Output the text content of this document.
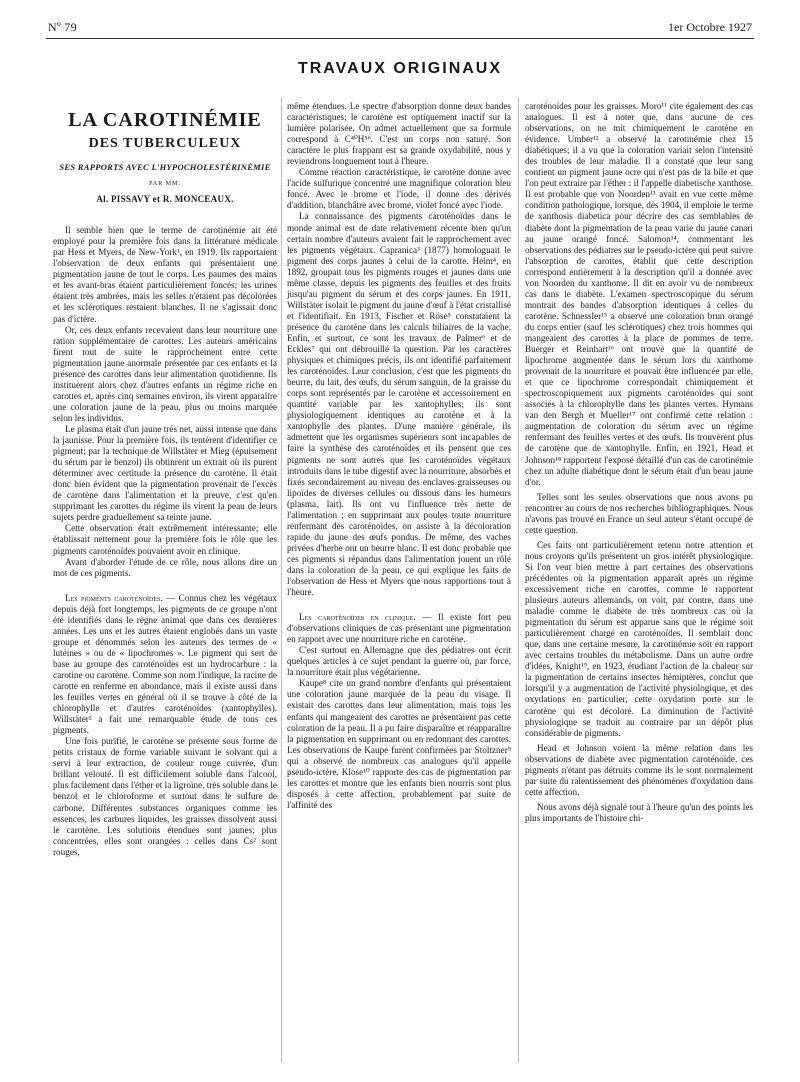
Nº 79	1er Octobre 1927
TRAVAUX ORIGINAUX
LA CAROTINÉMIE
DES TUBERCULEUX
SES RAPPORTS AVEC L'HYPOCHOLESTÉRINÉMIE
PAR MM.
Al. PISSAVY et R. MONCEAUX.

Il semble bien que le terme de carotinémie ait été employé pour la première fois dans la littérature médicale par Hess et Myers, de New-York¹, en 1919. Ils rapportaient l'observation de deux enfants qui présentaient une pigmentation jaune de tout le corps. Les paumes des mains et les avant-bras étaient particulièrement foncés; les urines étaient très ambrées, mais les selles n'étaient pas décolorées et les sclérotiques restaient blanches. Il ne s'agissait donc pas d'ictère.

Or, ces deux enfants recevaient dans leur nourriture une ration supplémentaire de carottes. Les auteurs américains firent tout de suite le rapprochement entre cette pigmentation jaune anormale présentée par ces enfants et la présence des carottes dans leur alimentation quotidienne. Ils instituèrent alors chez d'autres enfants un régime riche en carottes et, après cinq semaines environ, ils virent apparaître une coloration jaune de la peau, plus ou moins marquée selon les individus.

Le plasma était d'un jaune très net, aussi intense que dans la jaunisse. Pour la première fois, ils tentèrent d'identifier ce pigment; par la technique de Willstäter et Mieg (épuisement du sérum par le benzol) ils obtinrent un extrait où ils purent déterminer avec certitude la présence du carotène. Il était donc bien évident que la pigmentation provenait de l'excès de carotène dans l'alimentation et la preuve, c'est qu'en supprimant les carottes du régime ils virent la peau de leurs sujets perdre graduellement sa teinte jaune.

Cette observation était extrêmement intéressante; elle établissait nettement pour la première fois le rôle que les pigments caroténoïdes pouvaient avoir en clinique.

Avant d'aborder l'étude de ce rôle, nous allons dire un mot de ces pigments.

Les pigments caroténoïdes. — Connus chez les végétaux depuis déjà fort longtemps, les pigments de ce groupe n'ont été identifiés dans le règne animal que dans ces dernières années. Les uns et les autres étaient englobés dans un vaste groupe et dénommés selon les auteurs des termes de « lutéines » ou de « lipochromes ». Le pigment qui sert de base au groupe des caroténoïdes est un hydrocarbure : la carotine ou carotène. Comme son nom l'indique, la racine de carotte en renferme en abondance, mais il existe aussi dans les feuilles vertes en général où il se trouve à côté de la chlorophylle et d'autres caroténoïdes (xantophylles). Willstäter² a fait une remarquable étude de tous ces pigments.

Une fois purifié, le carotène se présente sous forme de petits cristaux de forme variable suivant le solvant qui a servi à leur extraction, de couleur rouge cuivrée, d'un brillant velouté. Il est difficilement soluble dans l'alcool, plus facilement dans l'éther et la ligroïne, très soluble dans le benzol et le chloroforme et surtout dans le sulfure de carbone. Différentes substances organiques comme les essences, les carbures liquides, les graisses dissolvent aussi le carotène. Les solutions étendues sont jaunes; plus concentrées, elles sont orangées : celles dans Cs² sont rouges,

même étendues. Le spectre d'absorption donne deux bandes caractéristiques; le carotène est optiquement inactif sur la lumière polarisée. On admet actuellement que sa formule correspond à C⁴⁰H⁵⁶. C'est un corps non saturé. Son caractère le plus frappant est sa grande oxydabilité, nous y reviendrons longuement tout à l'heure.

Comme réaction caractéristique, le carotène donne avec l'acide sulfurique concentré une magnifique coloration bleu foncé. Avec le brome et l'iode, il donne des dérivés d'addition, blanchâtre avec brome, violet foncé avec l'iode.

La connaissance des pigments caroténoïdes dans le monde animal est de date relativement récente bien qu'un certain nombre d'auteurs avaient fait le rapprochement avec les pigments végétaux. Capranica³ (1877) homologuait le pigment des corps jaunes à celui de la carotte. Heim⁴, en 1892, groupait tous les pigments rouges et jaunes dans une même classe, depuis les pigments des feuilles et des fruits jusqu'au pigment du sérum et des corps jaunes. En 1911, Willstäter isolait le pigment du jaune d'œuf à l'état cristallisé et l'identifiait. En 1913, Fischer et Röse⁵ constataient la présence du carotène dans les calculs biliaires de la vache. Enfin, et surtout, ce sont les travaux de Palmer⁶ et de Eckles⁷ qui ont débrouillé la question. Par les caractères physiques et chimiques précis, ils ont identifié parfaitement les caroténoïdes. Leur conclusion, c'est que les pigments du beurre, du lait, des œufs, du sérum sanguin, de la graisse du corps sont représentés par le carotène et accessoirement en quantité variable par les xantophylles; ils sont physiologiquement identiques au carotène et à la xantophylle des plantes. D'une manière générale, ils admettent que les organismes supérieurs sont incapables de faire la synthèse des caroténoïdes et ils pensent que ces pigments ne sont autres que les caroténoïdes végétaux introduits dans le tube digestif avec la nourriture, absorbés et fixés secondairement au niveau des enclaves graisseuses ou lipoïdes de diverses cellules ou dissous dans les humeurs (plasma, lait). Ils ont vu l'influence très nette de l'alimentation : en supprimant aux poules toute nourriture renfermant des caroténoïdes, on assiste à la décoloration rapide du jaune des œufs pondus. De même, des vaches privées d'herbe ont un beurre blanc. Il est donc probable que ces pigments si répandus dans l'alimentation jouent un rôle dans la coloration de la peau, ce qui explique les faits de l'observation de Hess et Myers que nous rapportions tout à l'heure.

Les caroténoïdes en clinique. — Il existe fort peu d'observations cliniques de cas présentant une pigmentation en rapport avec une nourriture riche en carotène.

C'est surtout en Allemagne que des pédiatres ont écrit quelques articles à ce sujet pendant la guerre où, par force, la nourriture était plus végétarienne.

Kaupe⁸ cite un grand nombre d'enfants qui présentaient une coloration jaune marquée de la peau du visage. Il existait des carottes dans leur alimentation, mais tous les enfants qui mangeaient des carottes ne présentaient pas cette coloration de la peau. Il a pu faire disparaître et réapparaître la pigmentation en supprimant ou en redonnant des carottes. Les observations de Kaupe furent confirmées par Stoltzner⁹ qui a observé de nombreux cas analogues qu'il appelle pseudo-ictère. Klose¹⁰ rapporte des cas de pigmentation par les carottes et montre que les enfants bien nourris sont plus disposés à cette affection, probablement par suite de l'affinité des

caroténoïdes pour les graisses. Moro¹¹ cite également des cas analogues. Il est à noter que, dans aucune de ces observations, on ne mit chimiquement le carotène en évidence. Umber¹² a observé la carotinémie chez 15 diabétiques; il a vu que la coloration variait selon l'intensité des troubles de leur maladie. Il a constaté que leur sang contient un pigment jaune ocre qui n'est pas de la bile et que l'on peut extraire par l'éther : il l'appelle diabetische xanthose. Il est probable que von Noorden¹³ avait en vue cette même condition pathologique, lorsque, dès 1904, il emploie le terme de xanthosis diabetica pour décrire des cas semblables de diabète dont la pigmentation de la peau varie du jaune canari au jaune orangé foncé. Salomon¹⁴, commentant les observations des pédiatres sur le pseudo-ictère qui peut suivre l'absorption de carottes, établit que cette description correspond entièrement à la description qu'il a donnée avec von Noorden du xanthome. Il dit en avoir vu de nombreux cas dans le diabète. L'examen spectroscopique du sérum montrait des bandes d'absorption identiques à celles du carotène. Schnessler¹⁵ a observé une coloration brun orangé du corps entier (sauf les sclérotiques) chez trois hommes qui mangeaient des carottes à la place de pommes de terre. Buerger et Reinhart¹⁶ ont trouvé que la quantité de lipochrome augmentée dans le sérum lors du xanthome provenait de la nourriture et pouvait être influencée par elle, et que ce lipochrome correspondait chimiquement et spectroscopiquement aux pigments caroténoïdes qui sont associés à la chlorophylle dans les plantes vertes. Hymans van den Bergh et Mueller¹⁷ ont confirmé cette relation : augmentation de coloration du sérum avec un régime renfermant des feuilles vertes et des œufs. Ils trouvèrent plus de carotène que de xantophylle. Enfin, en 1921, Head et Johnson¹⁸ rapportent l'exposé détaillé d'un cas de carotinémie chez un adulte diabétique dont le sérum était d'un beau jaune d'or.

Telles sont les seules observations que nous avons pu rencontrer au cours de nos recherches bibliographiques. Nous n'avons pas trouvé en France un seul auteur s'étant occupé de cette question.

Ces faits ont particulièrement retenu notre attention et nous croyons qu'ils présentent un gros intérêt physiologique. Si l'on veut bien mettre à part certaines des observations précédentes où la pigmentation apparaît après un régime excessivement riche en carottes, comme le rapportent plusieurs auteurs allemands, on voit, par contre, dans une maladie comme le diabète de très nombreux cas où la pigmentation du sérum est apparue sans que le régime soit particulièrement chargé en caroténoïdes. Il semblait donc que, dans une certaine mesure, la carotinémie soit en rapport avec certains troubles du métabolisme. Dans un autre ordre d'idées, Knight¹⁹, en 1923, étudiant l'action de la chaleur sur la pigmentation de certains insectes hémiptères, conclut que lorsqu'il y a augmentation de l'activité physiologique, et des oxydations en particulier, cette oxydation porte sur le carotène qui est décoloré. La diminution de l'activité physiologique se traduit au contraire par un dépôt plus considérable de pigments.

Head et Johnson voient la même relation dans les observations de diabète avec pigmentation caroténoïde, ces pigments n'étant pas détruits comme ils le sont normalement par suite du ralentissement des phénomènes d'oxydation dans cette affection.

Nous avons déjà signalé tout à l'heure qu'un des points les plus importants de l'histoire chi-
